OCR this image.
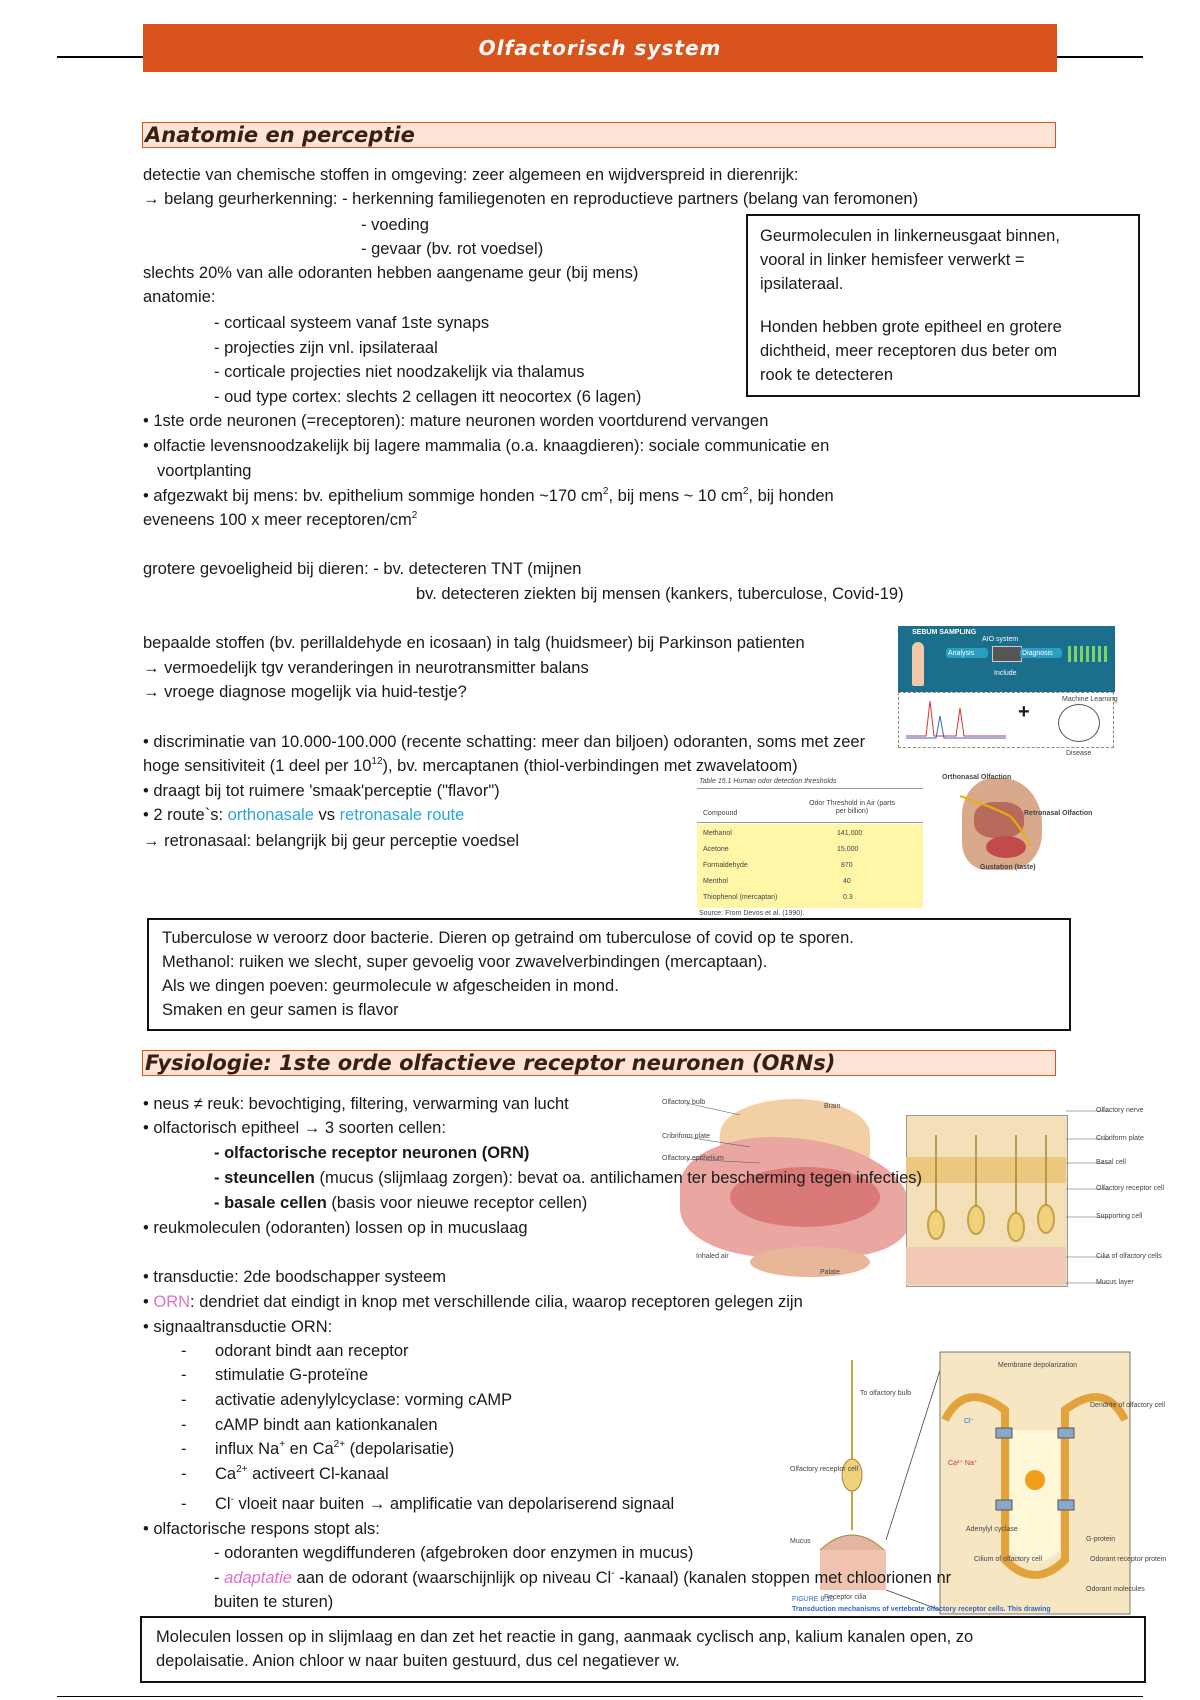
Olfactorisch system
Anatomie en perceptie
detectie van chemische stoffen in omgeving: zeer algemeen en wijdverspreid in dierenrijk:
→ belang geurherkenning: - herkenning familiegenoten en reproductieve partners (belang van feromonen)
- voeding
- gevaar (bv. rot voedsel)
slechts 20% van alle odoranten hebben aangename geur (bij mens)
anatomie:
- corticaal systeem vanaf 1ste synaps
- projecties zijn vnl. ipsilateraal
- corticale projecties niet noodzakelijk via thalamus
- oud type cortex: slechts 2 cellagen itt neocortex (6 lagen)
• 1ste orde neuronen (=receptoren): mature neuronen worden voortdurend vervangen
• olfactie levensnoodzakelijk bij lagere mammalia (o.a. knaagdieren): sociale communicatie en
voortplanting
• afgezwakt bij mens: bv. epithelium sommige honden ~170 $cm^2$, bij mens ~ 10 $cm^2$, bij honden
eveneens 100 x meer receptoren/$cm^2$
grotere gevoeligheid bij dieren: - bv. detecteren TNT (mijnen
bv. detecteren ziekten bij mensen (kankers, tuberculose, Covid-19)
bepaalde stoffen (bv. perillaldehyde en icosaan) in talg (huidsmeer) bij Parkinson patienten
→ vermoedelijk tgv veranderingen in neurotransmitter balans
→ vroege diagnose mogelijk via huid-testje?
• discriminatie van 10.000-100.000 (recente schatting: meer dan biljoen) odoranten, soms met zeer
hoge sensitiviteit (1 deel per $10^{12}$), bv. mercaptanen (thiol-verbindingen met zwavelatoom)
• draagt bij tot ruimere 'smaak'perceptie ("flavor")
• 2 route`s: orthonasale vs retronasale route
→ retronasaal: belangrijk bij geur perceptie voedsel
Geurmoleculen in linkerneusgaat binnen,
vooral in linker hemisfeer verwerkt =
ipsilateraal.
Honden hebben grote epitheel en grotere
dichtheid, meer receptoren dus beter om
rook te detecteren
SEBUM SAMPLING
AIO system
Analysis	Diagnosis
Include
+
Machine Learning
Disease
Table 15.1 Human odor detection thresholds
Compound
Odor Threshold in Air (parts per billion)
Methanol	141,000
Acetone	15,000
Formaldehyde	870
Menthol	40
Thiophenol (mercaptan)	0.3
Source: From Devos et al. (1990).
Orthonasal Olfaction
Retronasal Olfaction
Gustation (taste)
Tuberculose w veroorz door bacterie. Dieren op getraind om tuberculose of covid op te sporen.
Methanol: ruiken we slecht, super gevoelig voor zwavelverbindingen (mercaptaan).
Als we dingen poeven: geurmolecule w afgescheiden in mond.
Smaken en geur samen is flavor
Fysiologie: 1ste orde olfactieve receptor neuronen (ORNs)
Olfactory bulb
Cribriform plate
Olfactory epithelium
Inhaled air
Brain
Palate
Olfactory nerve
Cribriform plate
Basal cell
Olfactory receptor cell
Supporting cell
Cilia of olfactory cells
Mucus layer
• neus ≠ reuk: bevochtiging, filtering, verwarming van lucht
• olfactorisch epitheel → 3 soorten cellen:
- olfactorische receptor neuronen (ORN)
- steuncellen (mucus (slijmlaag zorgen): bevat oa. antilichamen ter bescherming tegen infecties)
- basale cellen (basis voor nieuwe receptor cellen)
• reukmoleculen (odoranten) lossen op in mucuslaag
• transductie: 2de boodschapper systeem
• ORN: dendriet dat eindigt in knop met verschillende cilia, waarop receptoren gelegen zijn
• signaaltransductie ORN:
- odorant bindt aan receptor
- stimulatie G-proteïne
- activatie adenylylcyclase: vorming cAMP
- cAMP bindt aan kationkanalen
- influx Na+ en $Ca^{2+}$ (depolarisatie)
- $Ca^{2+}$ activeert Cl-kanaal
- Cl- vloeit naar buiten → amplificatie van depolariserend signaal
To olfactory bulb
Olfactory receptor cell
Mucus
Receptor cilia
Membrane depolarization
Dendrite of olfactory cell
Cl⁻
Ca²⁺ Na⁺
G-protein
Adenylyl cyclase
Cilium of olfactory cell	Odorant receptor protein
Odorant molecules
FIGURE 8.10
Transduction mechanisms of vertebrate olfactory receptor cells. This drawing
• olfactorische respons stopt als:
- odoranten wegdiffunderen (afgebroken door enzymen in mucus)
- adaptatie aan de odorant (waarschijnlijk op niveau Cl- -kanaal) (kanalen stoppen met chloorionen nr
buiten te sturen)
Moleculen lossen op in slijmlaag en dan zet het reactie in gang, aanmaak cyclisch anp, kalium kanalen open, zo
depolaisatie. Anion chloor w naar buiten gestuurd, dus cel negatiever w.
